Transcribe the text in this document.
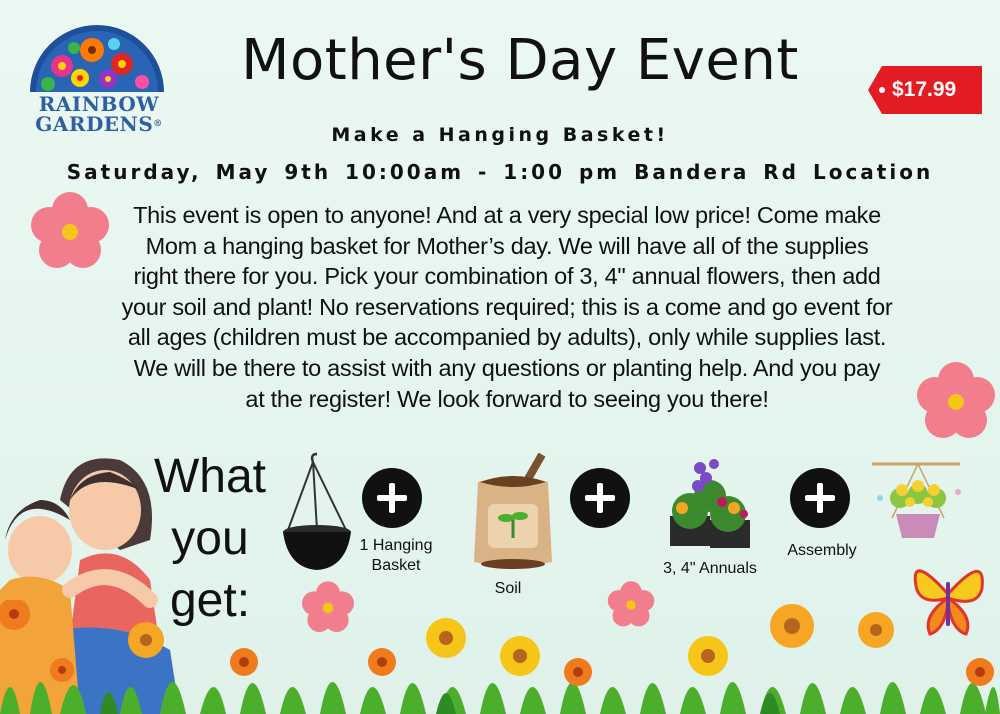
RAINBOW
GARDENS®
Mother's Day Event	$17.99
Make a Hanging Basket!
Saturday, May 9th 10:00am - 1:00 pm Bandera Rd Location
This event is open to anyone! And at a very special low price! Come make
Mom a hanging basket for Mother’s day. We will have all of the supplies
right there for you. Pick your combination of 3, 4" annual flowers, then add
your soil and plant! No reservations required; this is a come and go event for
all ages (children must be accompanied by adults), only while supplies last.
We will be there to assist with any questions or planting help. And you pay
at the register! We look forward to seeing you there!
What
you
get:
1 Hanging
Basket
Soil
3, 4" Annuals
Assembly
